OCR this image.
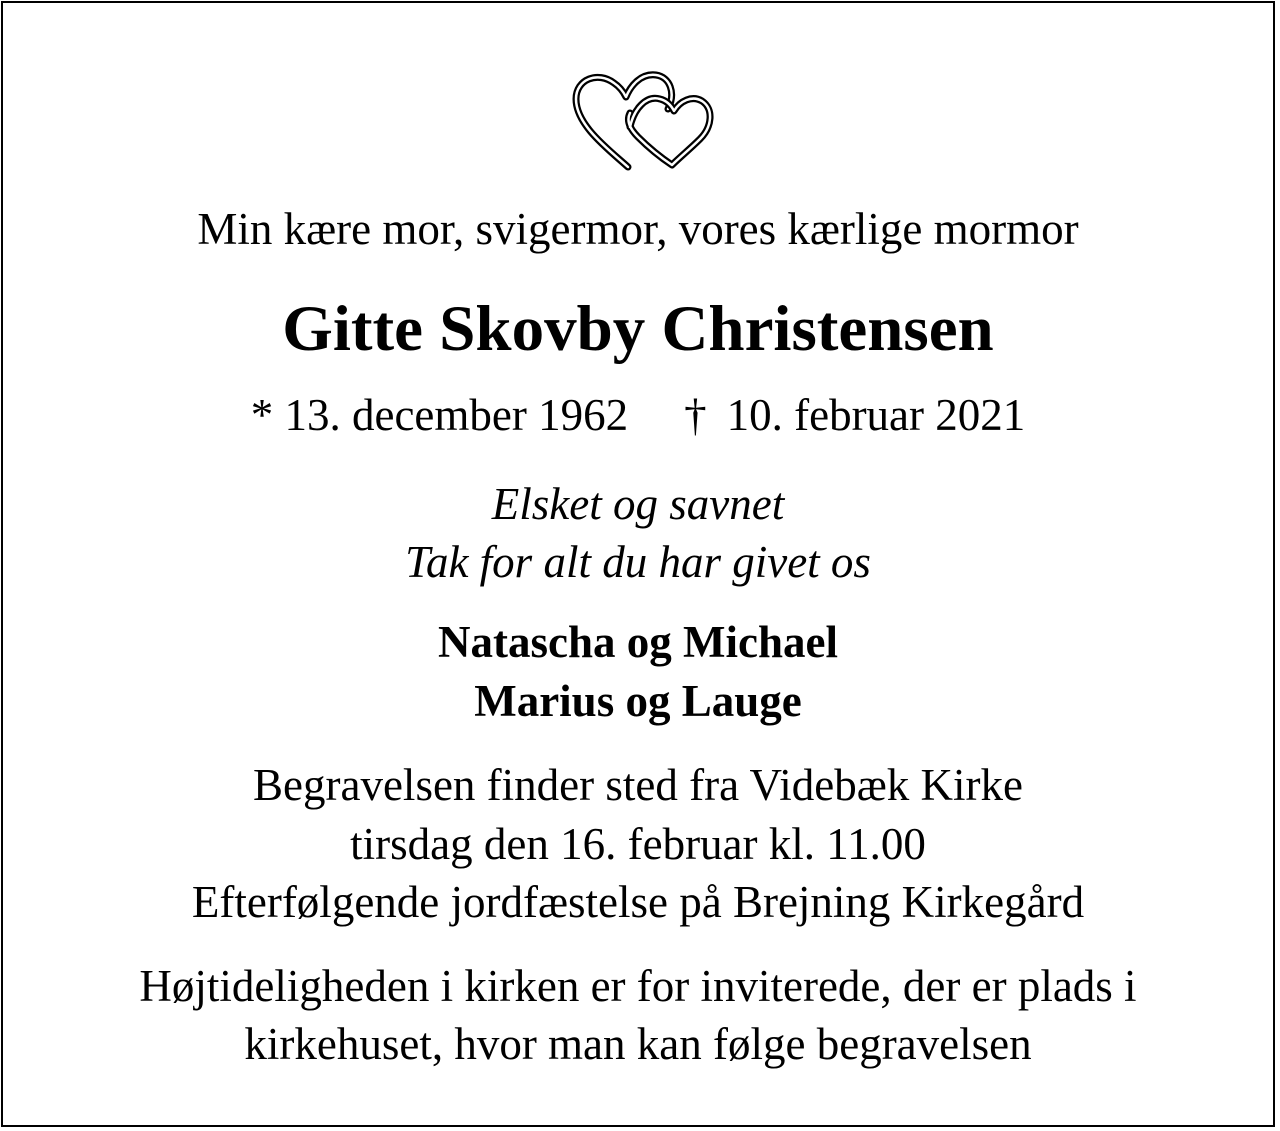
Min kære mor, svigermor, vores kærlige mormor
Gitte Skovby Christensen
* 13. december 1962 † 10. februar 2021
Elsket og savnet
Tak for alt du har givet os
Natascha og Michael
Marius og Lauge
Begravelsen finder sted fra Videbæk Kirke
tirsdag den 16. februar kl. 11.00
Efterfølgende jordfæstelse på Brejning Kirkegård
Højtideligheden i kirken er for inviterede, der er plads i
kirkehuset, hvor man kan følge begravelsen
